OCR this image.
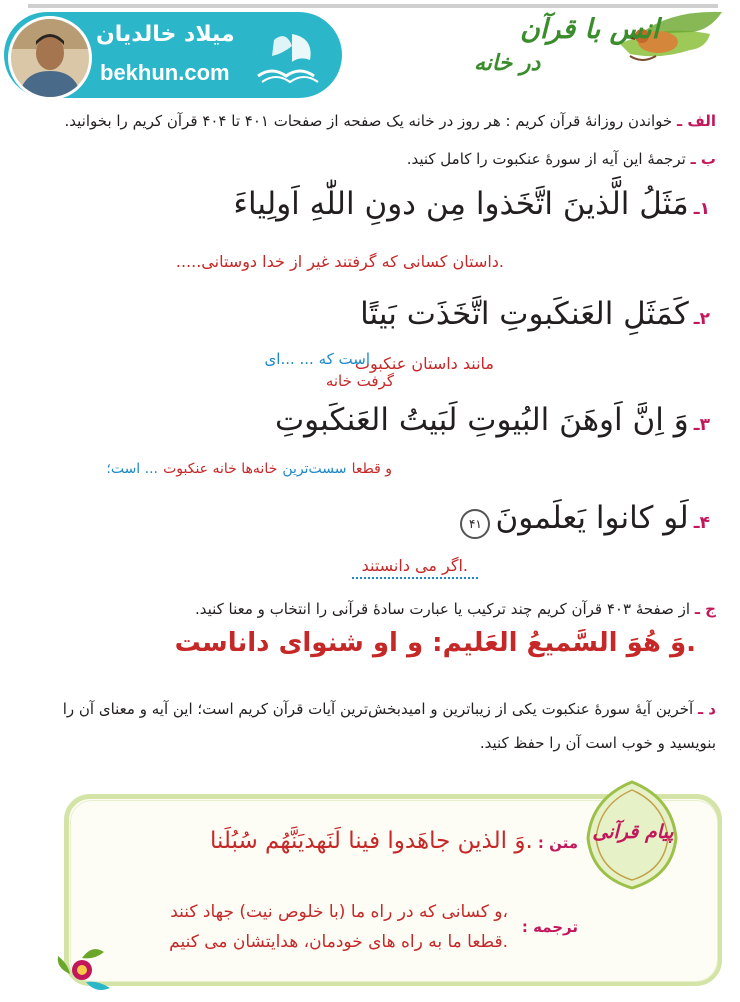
میلاد خالدیان
bekhun.com
انس با قرآن
در خانه
الف ـ خواندن روزانهٔ قرآن کریم : هر روز در خانه یک صفحه از صفحات ۴۰۱ تا ۴۰۴ قرآن کریم را بخوانید.
ب ـ ترجمهٔ این آیه از سورهٔ عنکبوت را کامل کنید.
۱ـ مَثَلُ الَّذینَ اتَّخَذوا مِن دونِ اللّٰهِ اَولِیاءَ
.داستان کسانی که گرفتند غیر از خدا دوستانی.....
۲ـ کَمَثَلِ العَنکَبوتِ اتَّخَذَت بَیتًا
مانند داستان عنکبوت
است که ... ...ای
گرفت خانه
۳ـ وَ اِنَّ اَوهَنَ البُیوتِ لَبَیتُ العَنکَبوتِ
و قطعا سست‌ترین خانه‌ها خانه عنکبوت ... است؛
۴ـ لَو کانوا یَعلَمونَ ۴۱
.اگر می دانستند
ج ـ از صفحهٔ ۴۰۳ قرآن کریم چند ترکیب یا عبارت سادهٔ قرآنی را انتخاب و معنا کنید.
.وَ هُوَ السَّمیعُ العَلیم: و او شنوای داناست
د ـ آخرین آیهٔ سورهٔ عنکبوت یکی از زیباترین و امیدبخش‌ترین آیات قرآن کریم است؛ این آیه و معنای آن را
بنویسید و خوب است آن را حفظ کنید.
پیام قرآنی
متن : .وَ الذین جاهَدوا فینا لَنَهدیَنَّهُم سُبُلَنا
ترجمه :
،و کسانی که در راه ما (با خلوص نیت) جهاد کنند
.قطعا ما به راه های خودمان، هدایتشان می کنیم
